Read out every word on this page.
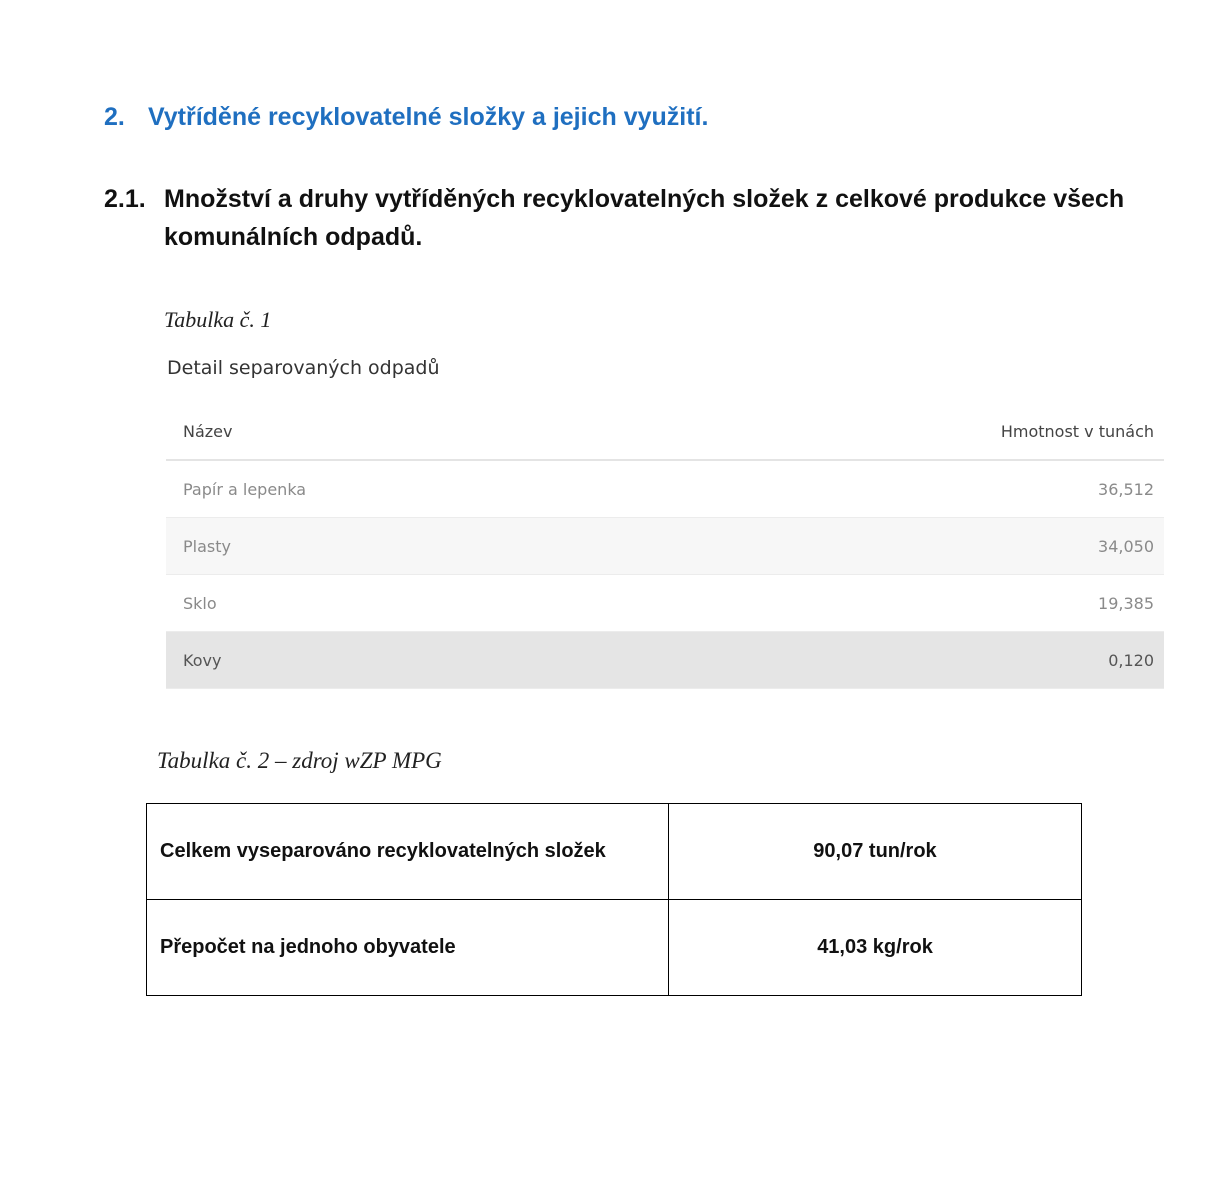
2. Vytříděné recyklovatelné složky a jejich využití.
2.1. Množství a druhy vytříděných recyklovatelných složek z celkové produkce všech komunálních odpadů.
Tabulka č. 1
Detail separovaných odpadů
Název	Hmotnost v tunách
Papír a lepenka	36,512
Plasty	34,050
Sklo	19,385
Kovy	0,120
Tabulka č. 2 – zdroj wZP MPG
Celkem vyseparováno recyklovatelných složek	90,07 tun/rok
Přepočet na jednoho obyvatele	41,03 kg/rok
